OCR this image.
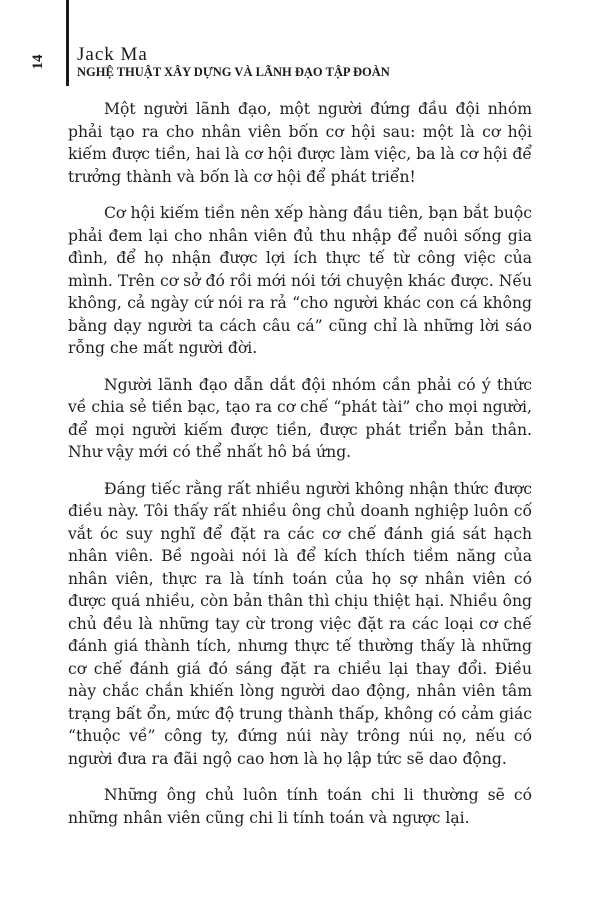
14 Jack Ma
NGHỆ THUẬT XÂY DỰNG VÀ LÃNH ĐẠO TẬP ĐOÀN

Một người lãnh đạo, một người đứng đầu đội nhóm phải tạo ra cho nhân viên bốn cơ hội sau: một là cơ hội kiếm được tiền, hai là cơ hội được làm việc, ba là cơ hội để trưởng thành và bốn là cơ hội để phát triển!

Cơ hội kiếm tiền nên xếp hàng đầu tiên, bạn bắt buộc phải đem lại cho nhân viên đủ thu nhập để nuôi sống gia đình, để họ nhận được lợi ích thực tế từ công việc của mình. Trên cơ sở đó rồi mới nói tới chuyện khác được. Nếu không, cả ngày cứ nói ra rả “cho người khác con cá không bằng dạy người ta cách câu cá” cũng chỉ là những lời sáo rỗng che mất người đời.

Người lãnh đạo dẫn dắt đội nhóm cần phải có ý thức về chia sẻ tiền bạc, tạo ra cơ chế “phát tài” cho mọi người, để mọi người kiếm được tiền, được phát triển bản thân. Như vậy mới có thể nhất hô bá ứng.

Đáng tiếc rằng rất nhiều người không nhận thức được điều này. Tôi thấy rất nhiều ông chủ doanh nghiệp luôn cố vắt óc suy nghĩ để đặt ra các cơ chế đánh giá sát hạch nhân viên. Bề ngoài nói là để kích thích tiềm năng của nhân viên, thực ra là tính toán của họ sợ nhân viên có được quá nhiều, còn bản thân thì chịu thiệt hại. Nhiều ông chủ đều là những tay cừ trong việc đặt ra các loại cơ chế đánh giá thành tích, nhưng thực tế thường thấy là những cơ chế đánh giá đó sáng đặt ra chiều lại thay đổi. Điều này chắc chắn khiến lòng người dao động, nhân viên tâm trạng bất ổn, mức độ trung thành thấp, không có cảm giác “thuộc về” công ty, đứng núi này trông núi nọ, nếu có người đưa ra đãi ngộ cao hơn là họ lập tức sẽ dao động.

Những ông chủ luôn tính toán chi li thường sẽ có những nhân viên cũng chi li tính toán và ngược lại.
